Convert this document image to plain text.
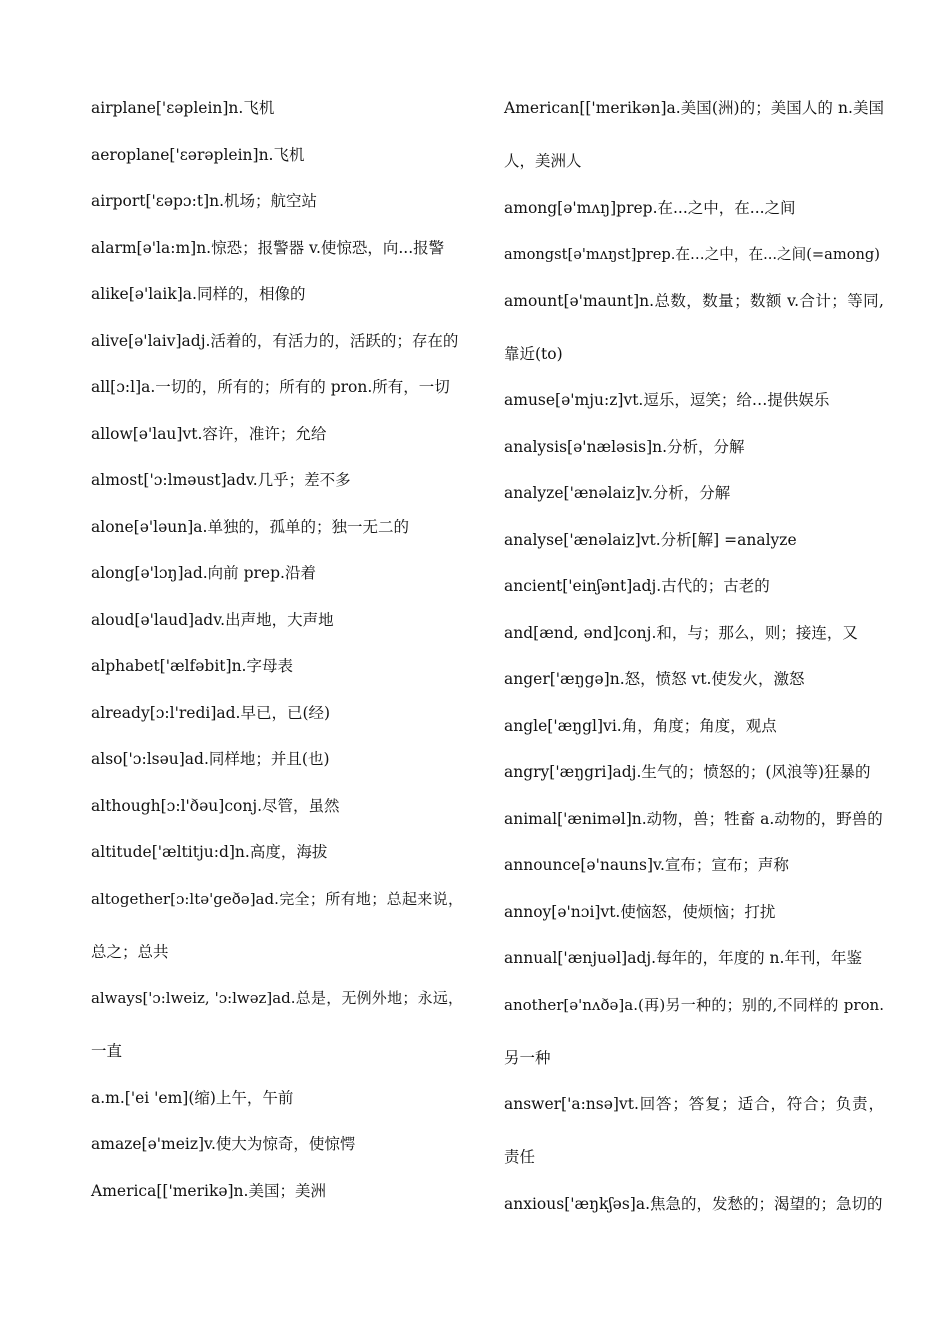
airplane['ɛəplein]n.飞机
aeroplane['ɛərəplein]n.飞机
airport['ɛəpɔ:t]n.机场；航空站
alarm[ə'la:m]n.惊恐；报警器 v.使惊恐，向...报警
alike[ə'laik]a.同样的，相像的
alive[ə'laiv]adj.活着的，有活力的，活跃的；存在的
all[ɔ:l]a.一切的，所有的；所有的 pron.所有，一切
allow[ə'lau]vt.容许，准许；允给
almost['ɔ:lməust]adv.几乎；差不多
alone[ə'ləun]a.单独的，孤单的；独一无二的
along[ə'lɔŋ]ad.向前 prep.沿着
aloud[ə'laud]adv.出声地，大声地
alphabet['ælfəbit]n.字母表
already[ɔ:l'redi]ad.早已，已(经)
also['ɔ:lsəu]ad.同样地；并且(也)
although[ɔ:l'ðəu]conj.尽管，虽然
altitude['æltitju:d]n.高度，海拔
altogether[ɔ:ltə'geðə]ad.完全；所有地；总起来说，
总之；总共
always['ɔ:lweiz, 'ɔ:lwəz]ad.总是，无例外地；永远，
一直
a.m.['ei 'em](缩)上午，午前
amaze[ə'meiz]v.使大为惊奇，使惊愕
America[['merikə]n.美国；美洲
American[['merikən]a.美国(洲)的；美国人的 n.美国
人，美洲人
among[ə'mʌŋ]prep.在...之中，在...之间
amongst[ə'mʌŋst]prep.在…之中，在...之间(=among)
amount[ə'maunt]n.总数，数量；数额 v.合计；等同,
靠近(to)
amuse[ə'mju:z]vt.逗乐，逗笑；给…提供娱乐
analysis[ə'næləsis]n.分析，分解
analyze['ænəlaiz]v.分析，分解
analyse['ænəlaiz]vt.分析[解] =analyze
ancient['einʃənt]adj.古代的；古老的
and[ænd, ənd]conj.和，与；那么，则；接连，又
anger['æŋgə]n.怒，愤怒 vt.使发火，激怒
angle['æŋgl]vi.角，角度；角度，观点
angry['æŋgri]adj.生气的；愤怒的；(风浪等)狂暴的
animal['æniməl]n.动物，兽；牲畜 a.动物的，野兽的
announce[ə'nauns]v.宣布；宣布；声称
annoy[ə'nɔi]vt.使恼怒，使烦恼；打扰
annual['ænjuəl]adj.每年的，年度的 n.年刊，年鉴
another[ə'nʌðə]a.(再)另一种的；别的,不同样的 pron.
另一种
answer['a:nsə]vt.回答；答复；适合，符合；负责，
责任
anxious['æŋkʃəs]a.焦急的，发愁的；渴望的；急切的
